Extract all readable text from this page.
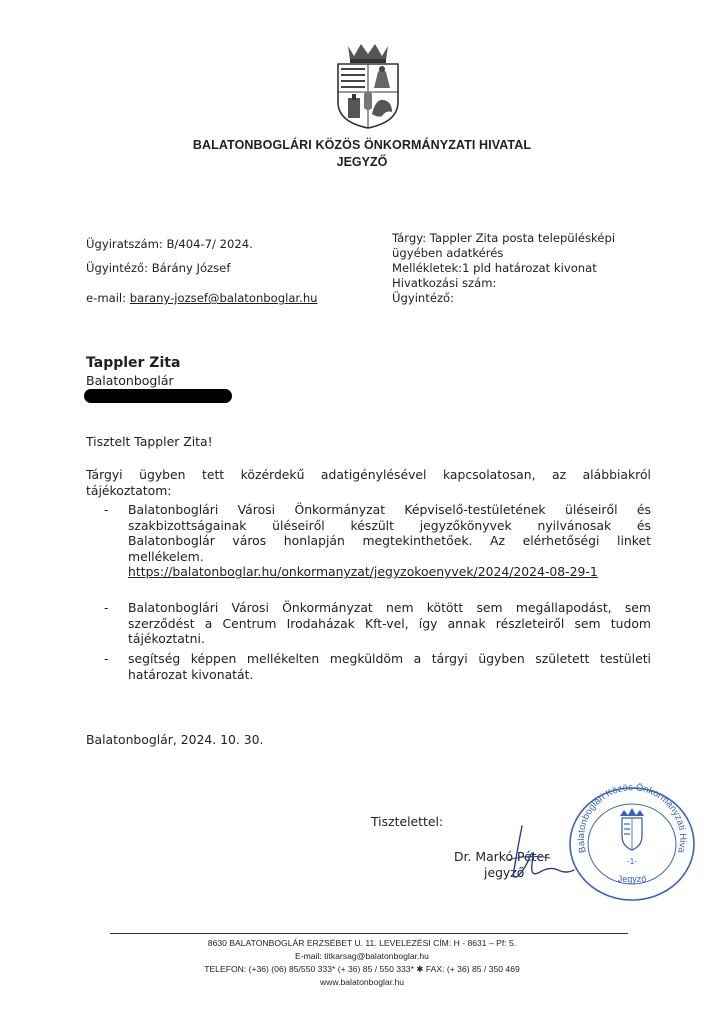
BALATONBOGLÁRI KÖZÖS ÖNKORMÁNYZATI HIVATAL
JEGYZŐ
Ügyiratszám: B/404-7/ 2024.
Ügyintéző: Bárány József
e-mail: barany-jozsef@balatonboglar.hu
Tárgy: Tappler Zita posta településképi
ügyében adatkérés
Mellékletek:1 pld határozat kivonat
Hivatkozási szám:
Ügyintéző:
Tappler Zita
Balatonboglár
Tisztelt Tappler Zita!
Tárgyi ügyben tett közérdekű adatigénylésével kapcsolatosan, az alábbiakról
tájékoztatom:
- Balatonboglári Városi Önkormányzat Képviselő-testületének üléseiről és
szakbizottságainak üléseiről készült jegyzőkönyvek nyilvánosak és
Balatonboglár város honlapján megtekinthetőek. Az elérhetőségi linket
mellékelem.
https://balatonboglar.hu/onkormanyzat/jegyzokoenyvek/2024/2024-08-29-1
- Balatonboglári Városi Önkormányzat nem kötött sem megállapodást, sem
szerződést a Centrum Irodaházak Kft-vel, így annak részleteiről sem tudom
tájékoztatni.
- segítség képpen mellékelten megküldöm a tárgyi ügyben született testületi
határozat kivonatát.
Balatonboglár, 2024. 10. 30.
Tisztelettel:
Dr. Markó Péter
jegyző
Balatonboglári Közös Önkormányzati Hiva
-1-
Jegyző
8630 BALATONBOGLÁR ERZSÉBET U. 11. LEVELEZÉSI CÍM: H - 8631 – Pf: 5.
E-mail: titkarsag@balatonboglar.hu
TELEFON: (+36) (06) 85/550 333* (+ 36) 85 / 550 333* ✱ FAX: (+ 36) 85 / 350 469
www.balatonboglar.hu
